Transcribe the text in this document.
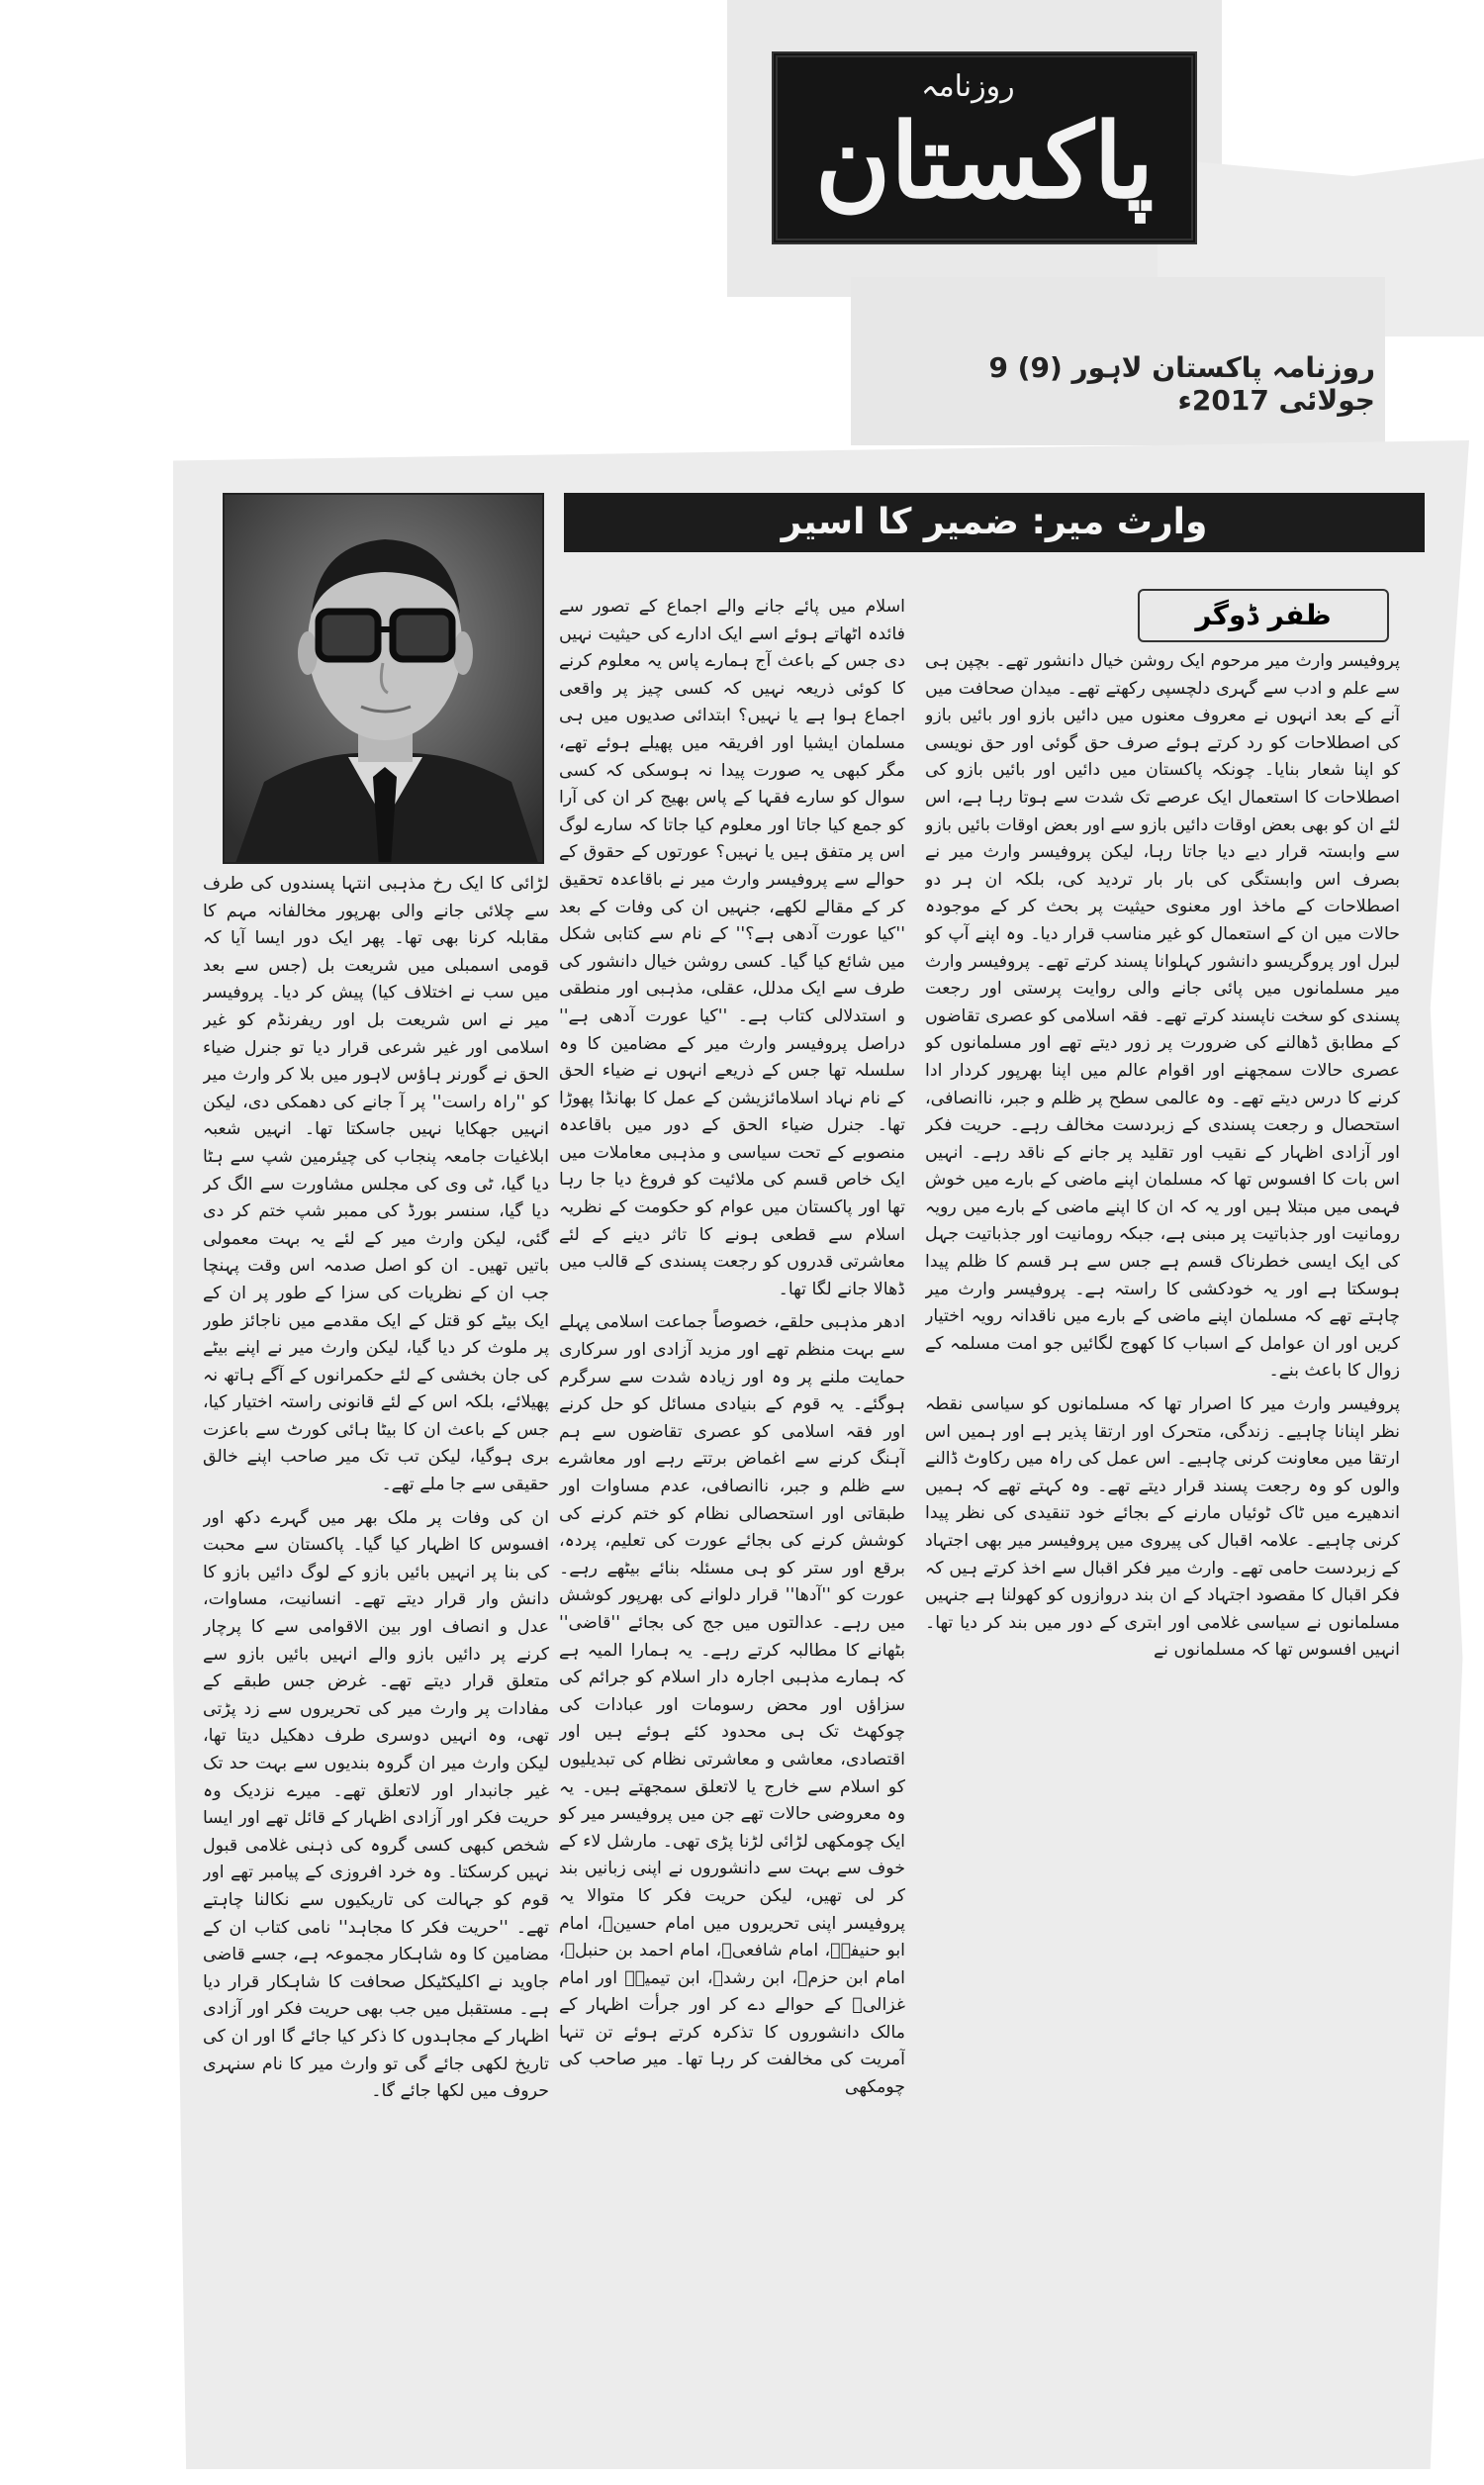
روزنامہ
پاکستان
روزنامہ پاکستان لاہور (9) 9 جولائی 2017ء
وارث میر: ضمیر کا اسیر
ظفر ڈوگر

پروفیسر وارث میر مرحوم ایک روشن خیال دانشور تھے۔ بچپن ہی سے علم و ادب سے گہری دلچسپی رکھتے تھے۔ میدان صحافت میں آنے کے بعد انہوں نے معروف معنوں میں دائیں بازو اور بائیں بازو کی اصطلاحات کو رد کرتے ہوئے صرف حق گوئی اور حق نویسی کو اپنا شعار بنایا۔ چونکہ پاکستان میں دائیں اور بائیں بازو کی اصطلاحات کا استعمال ایک عرصے تک شدت سے ہوتا رہا ہے، اس لئے ان کو بھی بعض اوقات دائیں بازو سے اور بعض اوقات بائیں بازو سے وابستہ قرار دیے دیا جاتا رہا، لیکن پروفیسر وارث میر نے بصرف اس وابستگی کی بار بار تردید کی، بلکہ ان ہر دو اصطلاحات کے ماخذ اور معنوی حیثیت پر بحث کر کے موجودہ حالات میں ان کے استعمال کو غیر مناسب قرار دیا۔ وہ اپنے آپ کو لبرل اور پروگریسو دانشور کہلوانا پسند کرتے تھے۔ پروفیسر وارث میر مسلمانوں میں پائی جانے والی روایت پرستی اور رجعت پسندی کو سخت ناپسند کرتے تھے۔ فقہ اسلامی کو عصری تقاضوں کے مطابق ڈھالنے کی ضرورت پر زور دیتے تھے اور مسلمانوں کو عصری حالات سمجھنے اور اقوام عالم میں اپنا بھرپور کردار ادا کرنے کا درس دیتے تھے۔ وہ عالمی سطح پر ظلم و جبر، ناانصافی، استحصال و رجعت پسندی کے زبردست مخالف رہے۔ حریت فکر اور آزادی اظہار کے نقیب اور تقلید پر جانے کے ناقد رہے۔ انہیں اس بات کا افسوس تھا کہ مسلمان اپنے ماضی کے بارے میں خوش فہمی میں مبتلا ہیں اور یہ کہ ان کا اپنے ماضی کے بارے میں رویہ رومانیت اور جذباتیت پر مبنی ہے، جبکہ رومانیت اور جذباتیت جہل کی ایک ایسی خطرناک قسم ہے جس سے ہر قسم کا ظلم پیدا ہوسکتا ہے اور یہ خودکشی کا راستہ ہے۔ پروفیسر وارث میر چاہتے تھے کہ مسلمان اپنے ماضی کے بارے میں ناقدانہ رویہ اختیار کریں اور ان عوامل کے اسباب کا کھوج لگائیں جو امت مسلمہ کے زوال کا باعث بنے۔

پروفیسر وارث میر کا اصرار تھا کہ مسلمانوں کو سیاسی نقطہ نظر اپنانا چاہیے۔ زندگی، متحرک اور ارتقا پذیر ہے اور ہمیں اس ارتقا میں معاونت کرنی چاہیے۔ اس عمل کی راہ میں رکاوٹ ڈالنے والوں کو وہ رجعت پسند قرار دیتے تھے۔ وہ کہتے تھے کہ ہمیں اندھیرے میں ٹاک ٹوئیاں مارنے کے بجائے خود تنقیدی کی نظر پیدا کرنی چاہیے۔ علامہ اقبال کی پیروی میں پروفیسر میر بھی اجتہاد کے زبردست حامی تھے۔ وارث میر فکر اقبال سے اخذ کرتے ہیں کہ فکر اقبال کا مقصود اجتہاد کے ان بند دروازوں کو کھولنا ہے جنہیں مسلمانوں نے سیاسی غلامی اور ابتری کے دور میں بند کر دیا تھا۔ انہیں افسوس تھا کہ مسلمانوں نے

اسلام میں پائے جانے والے اجماع کے تصور سے فائدہ اٹھاتے ہوئے اسے ایک ادارے کی حیثیت نہیں دی جس کے باعث آج ہمارے پاس یہ معلوم کرنے کا کوئی ذریعہ نہیں کہ کسی چیز پر واقعی اجماع ہوا ہے یا نہیں؟ ابتدائی صدیوں میں ہی مسلمان ایشیا اور افریقہ میں پھیلے ہوئے تھے، مگر کبھی یہ صورت پیدا نہ ہوسکی کہ کسی سوال کو سارے فقہا کے پاس بھیج کر ان کی آرا کو جمع کیا جاتا اور معلوم کیا جاتا کہ سارے لوگ اس پر متفق ہیں یا نہیں؟ عورتوں کے حقوق کے حوالے سے پروفیسر وارث میر نے باقاعدہ تحقیق کر کے مقالے لکھے، جنہیں ان کی وفات کے بعد ''کیا عورت آدھی ہے؟'' کے نام سے کتابی شکل میں شائع کیا گیا۔ کسی روشن خیال دانشور کی طرف سے ایک مدلل، عقلی، مذہبی اور منطقی و استدلالی کتاب ہے۔ ''کیا عورت آدھی ہے'' دراصل پروفیسر وارث میر کے مضامین کا وہ سلسلہ تھا جس کے ذریعے انہوں نے ضیاء الحق کے نام نہاد اسلامائزیشن کے عمل کا بھانڈا پھوڑا تھا۔ جنرل ضیاء الحق کے دور میں باقاعدہ منصوبے کے تحت سیاسی و مذہبی معاملات میں ایک خاص قسم کی ملائیت کو فروغ دیا جا رہا تھا اور پاکستان میں عوام کو حکومت کے نظریہ اسلام سے قطعی ہونے کا تاثر دینے کے لئے معاشرتی قدروں کو رجعت پسندی کے قالب میں ڈھالا جانے لگا تھا۔

ادھر مذہبی حلقے، خصوصاً جماعت اسلامی پہلے سے بہت منظم تھے اور مزید آزادی اور سرکاری حمایت ملنے پر وہ اور زیادہ شدت سے سرگرم ہوگئے۔ یہ قوم کے بنیادی مسائل کو حل کرنے اور فقہ اسلامی کو عصری تقاضوں سے ہم آہنگ کرنے سے اغماض برتتے رہے اور معاشرے سے ظلم و جبر، ناانصافی، عدم مساوات اور طبقاتی اور استحصالی نظام کو ختم کرنے کی کوشش کرنے کی بجائے عورت کی تعلیم، پردہ، برقع اور ستر کو ہی مسئلہ بنائے بیٹھے رہے۔ عورت کو ''آدھا'' قرار دلوانے کی بھرپور کوشش میں رہے۔ عدالتوں میں جج کی بجائے ''قاضی'' بٹھانے کا مطالبہ کرتے رہے۔ یہ ہمارا المیہ ہے کہ ہمارے مذہبی اجارہ دار اسلام کو جرائم کی سزاؤں اور محض رسومات اور عبادات کی چوکھٹ تک ہی محدود کئے ہوئے ہیں اور اقتصادی، معاشی و معاشرتی نظام کی تبدیلیوں کو اسلام سے خارج یا لاتعلق سمجھتے ہیں۔ یہ وہ معروضی حالات تھے جن میں پروفیسر میر کو ایک چومکھی لڑائی لڑنا پڑی تھی۔ مارشل لاء کے خوف سے بہت سے دانشوروں نے اپنی زبانیں بند کر لی تھیں، لیکن حریت فکر کا متوالا یہ پروفیسر اپنی تحریروں میں امام حسینؑ، امام ابو حنیفہؒ، امام شافعیؒ، امام احمد بن حنبلؒ، امام ابن حزمؒ، ابن رشدؒ، ابن تیمیہؒ اور امام غزالیؒ کے حوالے دے کر اور جرأت اظہار کے مالک دانشوروں کا تذکرہ کرتے ہوئے تن تنہا آمریت کی مخالفت کر رہا تھا۔ میر صاحب کی چومکھی

لڑائی کا ایک رخ مذہبی انتہا پسندوں کی طرف سے چلائی جانے والی بھرپور مخالفانہ مہم کا مقابلہ کرنا بھی تھا۔ پھر ایک دور ایسا آیا کہ قومی اسمبلی میں شریعت بل (جس سے بعد میں سب نے اختلاف کیا) پیش کر دیا۔ پروفیسر میر نے اس شریعت بل اور ریفرنڈم کو غیر اسلامی اور غیر شرعی قرار دیا تو جنرل ضیاء الحق نے گورنر ہاؤس لاہور میں بلا کر وارث میر کو ''راہ راست'' پر آ جانے کی دھمکی دی، لیکن انہیں جھکایا نہیں جاسکتا تھا۔ انہیں شعبہ ابلاغیات جامعہ پنجاب کی چیئرمین شپ سے ہٹا دیا گیا، ٹی وی کی مجلس مشاورت سے الگ کر دیا گیا، سنسر بورڈ کی ممبر شپ ختم کر دی گئی، لیکن وارث میر کے لئے یہ بہت معمولی باتیں تھیں۔ ان کو اصل صدمہ اس وقت پہنچا جب ان کے نظریات کی سزا کے طور پر ان کے ایک بیٹے کو قتل کے ایک مقدمے میں ناجائز طور پر ملوث کر دیا گیا، لیکن وارث میر نے اپنے بیٹے کی جان بخشی کے لئے حکمرانوں کے آگے ہاتھ نہ پھیلائے، بلکہ اس کے لئے قانونی راستہ اختیار کیا، جس کے باعث ان کا بیٹا ہائی کورٹ سے باعزت بری ہوگیا، لیکن تب تک میر صاحب اپنے خالق حقیقی سے جا ملے تھے۔

ان کی وفات پر ملک بھر میں گہرے دکھ اور افسوس کا اظہار کیا گیا۔ پاکستان سے محبت کی بنا پر انہیں بائیں بازو کے لوگ دائیں بازو کا دانش وار قرار دیتے تھے۔ انسانیت، مساوات، عدل و انصاف اور بین الاقوامی سے کا پرچار کرنے پر دائیں بازو والے انہیں بائیں بازو سے متعلق قرار دیتے تھے۔ غرض جس طبقے کے مفادات پر وارث میر کی تحریروں سے زد پڑتی تھی، وہ انہیں دوسری طرف دھکیل دیتا تھا، لیکن وارث میر ان گروہ بندیوں سے بہت حد تک غیر جانبدار اور لاتعلق تھے۔ میرے نزدیک وہ حریت فکر اور آزادی اظہار کے قائل تھے اور ایسا شخص کبھی کسی گروہ کی ذہنی غلامی قبول نہیں کرسکتا۔ وہ خرد افروزی کے پیامبر تھے اور قوم کو جہالت کی تاریکیوں سے نکالنا چاہتے تھے۔ ''حریت فکر کا مجاہد'' نامی کتاب ان کے مضامین کا وہ شاہکار مجموعہ ہے، جسے قاضی جاوید نے اکلیکٹیکل صحافت کا شاہکار قرار دیا ہے۔ مستقبل میں جب بھی حریت فکر اور آزادی اظہار کے مجاہدوں کا ذکر کیا جائے گا اور ان کی تاریخ لکھی جائے گی تو وارث میر کا نام سنہری حروف میں لکھا جائے گا۔
